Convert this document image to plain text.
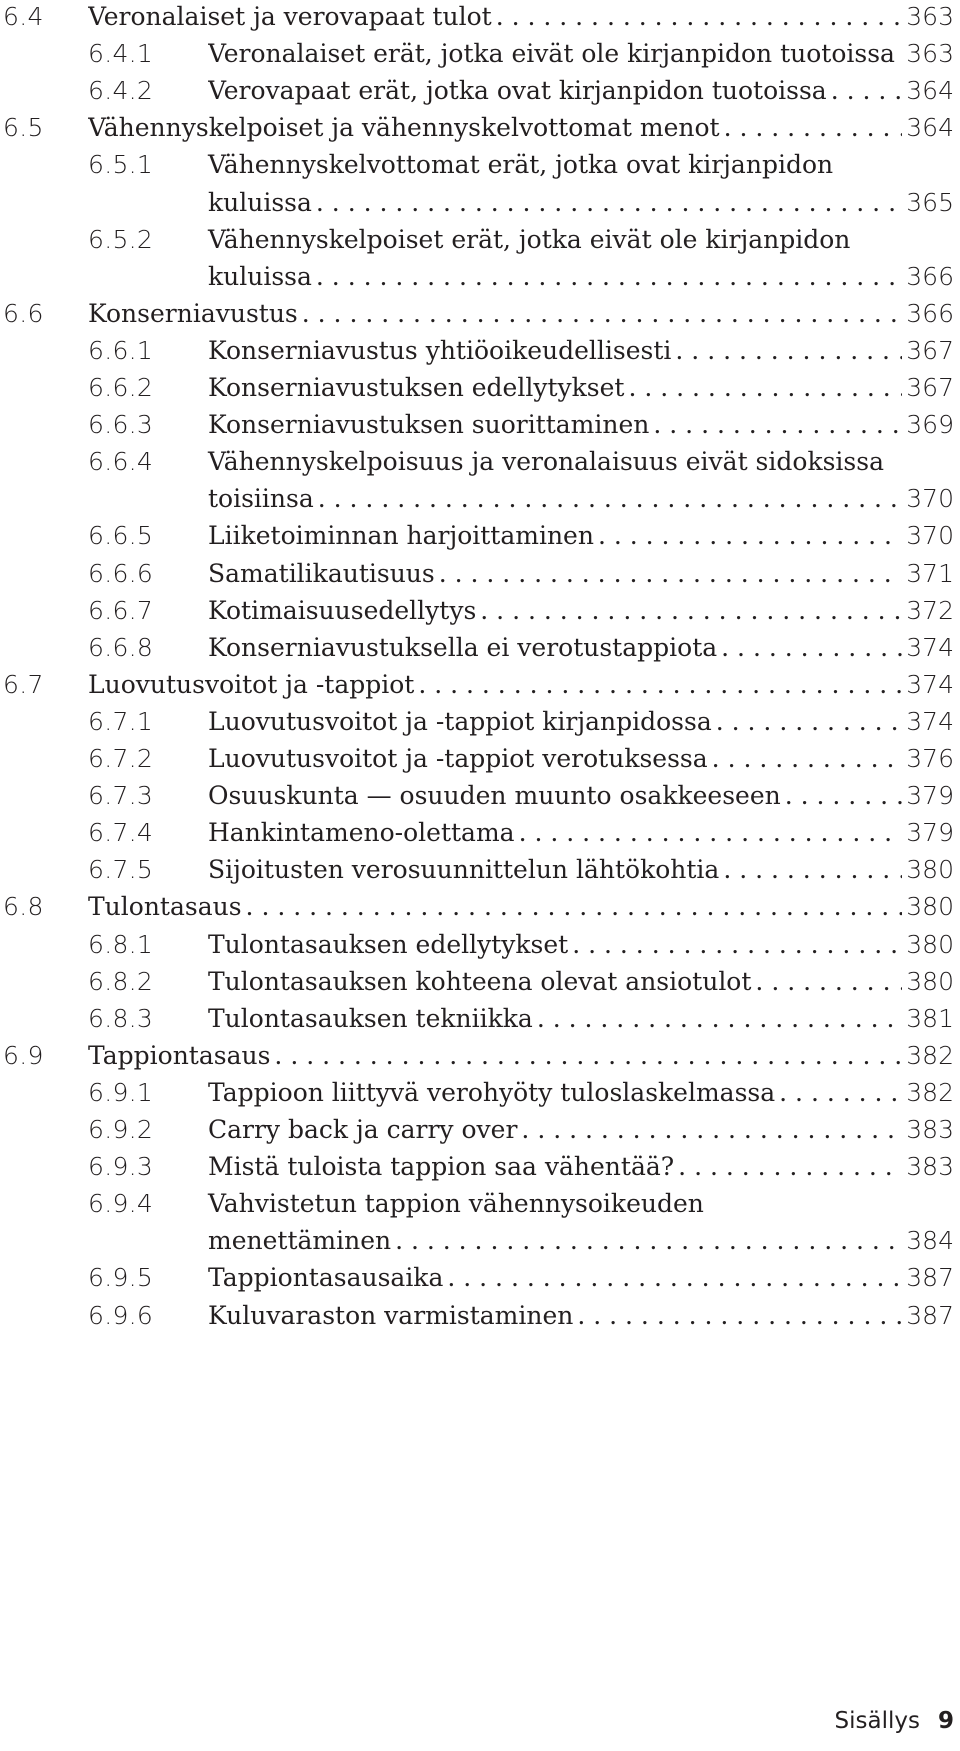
6.4 Veronalaiset ja verovapaat tulot . . .	363
6.4.1 Veronalaiset erät, jotka eivät ole kirjanpidon tuotoissa 363
6.4.2 Verovapaat erät, jotka ovat kirjanpidon tuotoissa . . .	364
6.5 Vähennyskelpoiset ja vähennyskelvottomat menot . . .	364
6.5.1 Vähennyskelvottomat erät, jotka ovat kirjanpidon
kuluissa . . .	365
6.5.2 Vähennyskelpoiset erät, jotka eivät ole kirjanpidon
kuluissa . . .	366
6.6 Konserniavustus . . .	366
6.6.1 Konserniavustus yhtiöoikeudellisesti . . .	367
6.6.2 Konserniavustuksen edellytykset . . .	367
6.6.3 Konserniavustuksen suorittaminen . . .	369
6.6.4 Vähennyskelpoisuus ja veronalaisuus eivät sidoksissa
toisiinsa . . .	370
6.6.5 Liiketoiminnan harjoittaminen . . .	370
6.6.6 Samatilikautisuus . . .	371
6.6.7 Kotimaisuusedellytys . . .	372
6.6.8 Konserniavustuksella ei verotustappiota . . .	374
6.7 Luovutusvoitot ja -tappiot . . .	374
6.7.1 Luovutusvoitot ja -tappiot kirjanpidossa . . .	374
6.7.2 Luovutusvoitot ja -tappiot verotuksessa . . .	376
6.7.3 Osuuskunta — osuuden muunto osakkeeseen . . .	379
6.7.4 Hankintameno-olettama . . .	379
6.7.5 Sijoitusten verosuunnittelun lähtökohtia . . .	380
6.8 Tulontasaus . . .	380
6.8.1 Tulontasauksen edellytykset . . .	380
6.8.2 Tulontasauksen kohteena olevat ansiotulot . . .	380
6.8.3 Tulontasauksen tekniikka . . .	381
6.9 Tappiontasaus . . .	382
6.9.1 Tappioon liittyvä verohyöty tuloslaskelmassa . . .	382
6.9.2 Carry back ja carry over . . .	383
6.9.3 Mistä tuloista tappion saa vähentää? . . .	383
6.9.4 Vahvistetun tappion vähennysoikeuden
menettäminen . . .	384
6.9.5 Tappiontasausaika . . .	387
6.9.6 Kuluvaraston varmistaminen . . .	387
Sisällys 9
